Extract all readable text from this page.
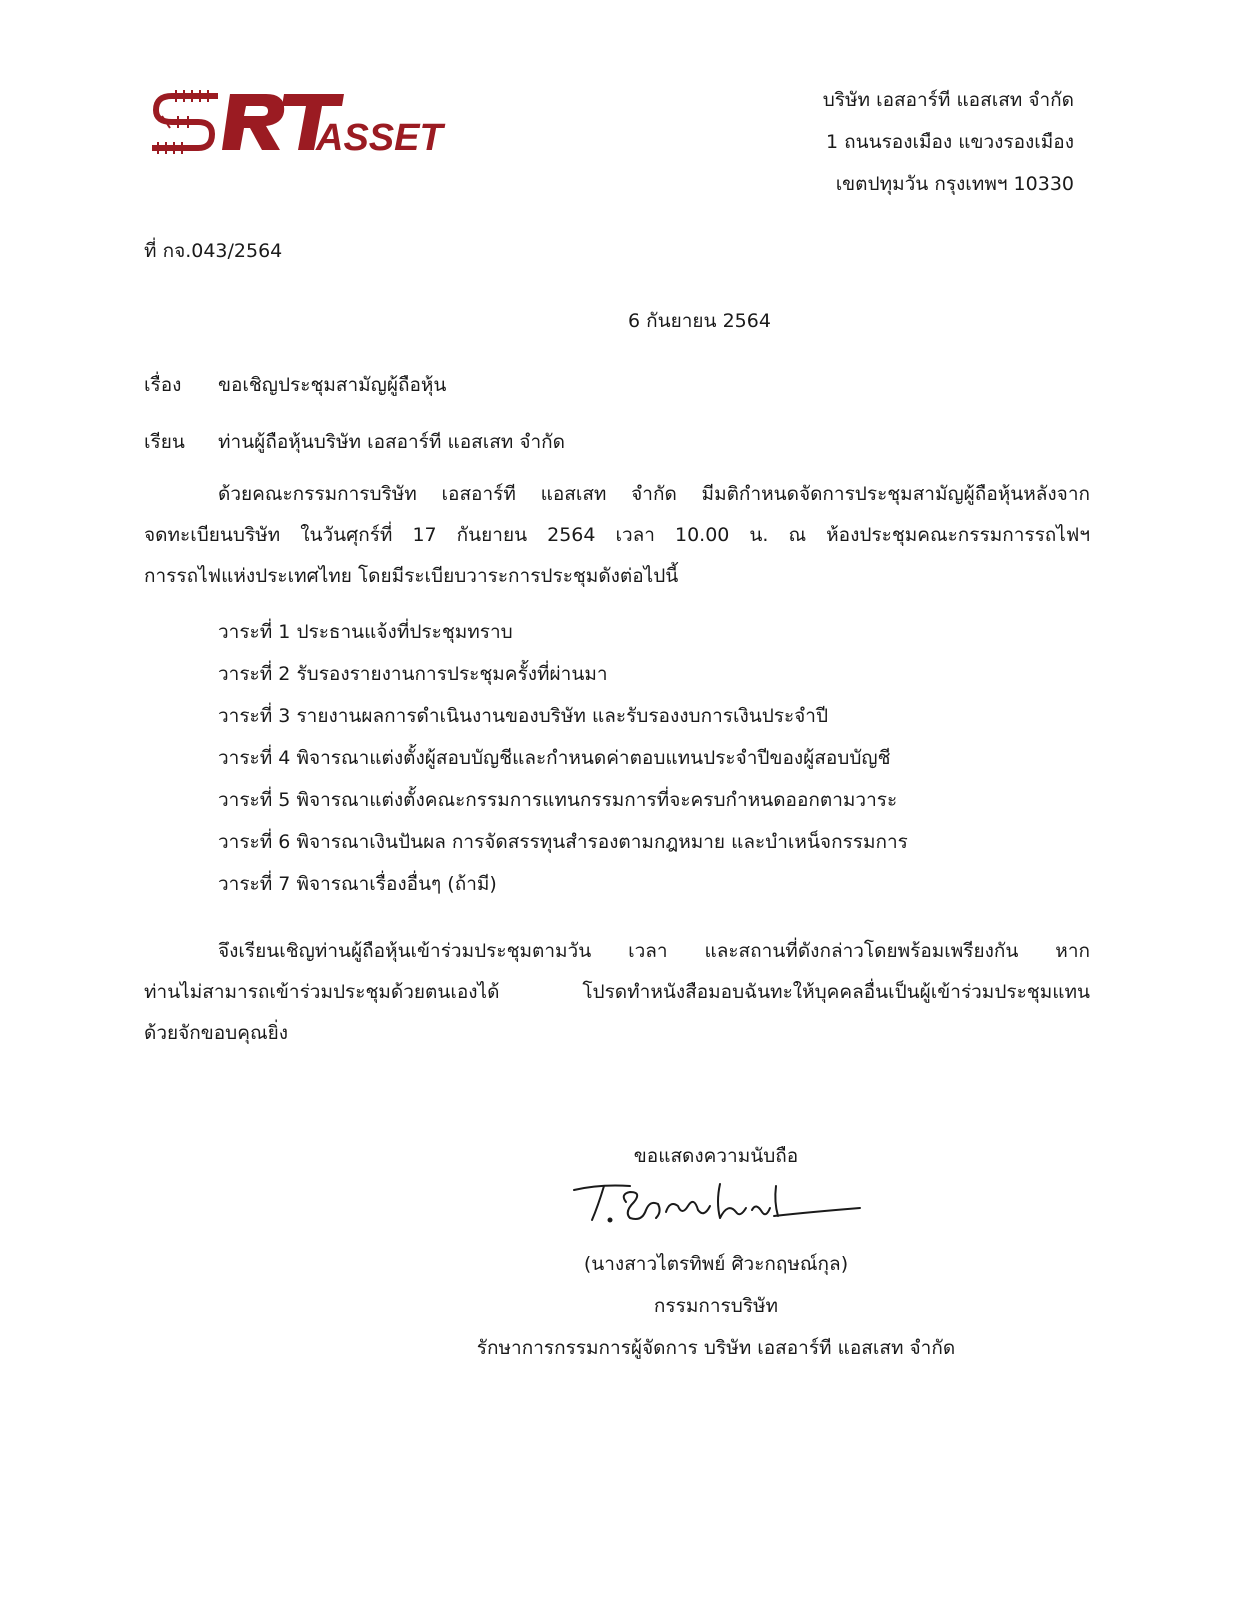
ASSET
บริษัท เอสอาร์ที แอสเสท จำกัด
1 ถนนรองเมือง แขวงรองเมือง
เขตปทุมวัน กรุงเทพฯ 10330

ที่ กจ.043/2564

6 กันยายน 2564

เรื่อง ขอเชิญประชุมสามัญผู้ถือหุ้น
เรียน ท่านผู้ถือหุ้นบริษัท เอสอาร์ที แอสเสท จำกัด
ด้วยคณะกรรมการบริษัท เอสอาร์ที แอสเสท จำกัด มีมติกำหนดจัดการประชุมสามัญผู้ถือหุ้นหลังจาก
จดทะเบียนบริษัท ในวันศุกร์ที่ 17 กันยายน 2564 เวลา 10.00 น. ณ ห้องประชุมคณะกรรมการรถไฟฯ
การรถไฟแห่งประเทศไทย โดยมีระเบียบวาระการประชุมดังต่อไปนี้
วาระที่ 1 ประธานแจ้งที่ประชุมทราบ
วาระที่ 2 รับรองรายงานการประชุมครั้งที่ผ่านมา
วาระที่ 3 รายงานผลการดำเนินงานของบริษัท และรับรองงบการเงินประจำปี
วาระที่ 4 พิจารณาแต่งตั้งผู้สอบบัญชีและกำหนดค่าตอบแทนประจำปีของผู้สอบบัญชี
วาระที่ 5 พิจารณาแต่งตั้งคณะกรรมการแทนกรรมการที่จะครบกำหนดออกตามวาระ
วาระที่ 6 พิจารณาเงินปันผล การจัดสรรทุนสำรองตามกฎหมาย และบำเหน็จกรรมการ
วาระที่ 7 พิจารณาเรื่องอื่นๆ (ถ้ามี)
จึงเรียนเชิญท่านผู้ถือหุ้นเข้าร่วมประชุมตามวัน เวลา และสถานที่ดังกล่าวโดยพร้อมเพรียงกัน หาก
ท่านไม่สามารถเข้าร่วมประชุมด้วยตนเองได้ โปรดทำหนังสือมอบฉันทะให้บุคคลอื่นเป็นผู้เข้าร่วมประชุมแทน
ด้วยจักขอบคุณยิ่ง
ขอแสดงความนับถือ
(นางสาวไตรทิพย์ ศิวะกฤษณ์กุล)
กรรมการบริษัท
รักษาการกรรมการผู้จัดการ บริษัท เอสอาร์ที แอสเสท จำกัด
